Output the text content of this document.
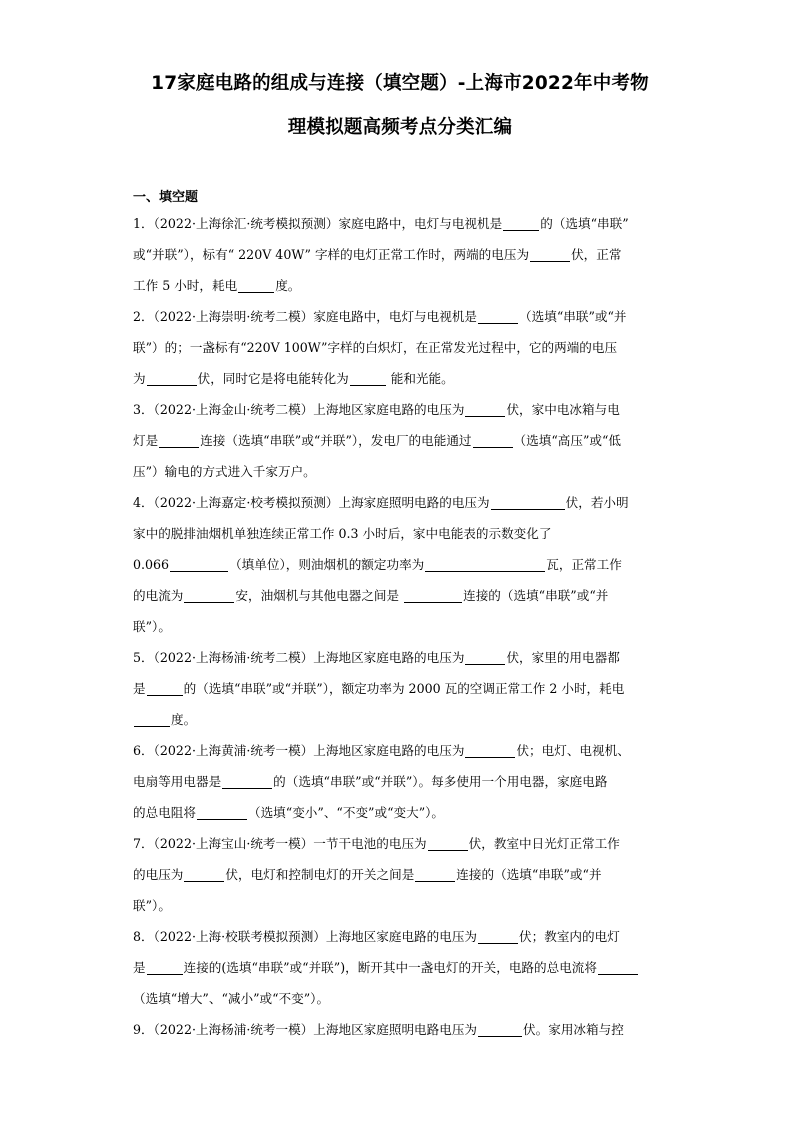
17家庭电路的组成与连接（填空题）-上海市2022年中考物
理模拟题高频考点分类汇编
一、填空题
1．（2022·上海徐汇·统考模拟预测）家庭电路中，电灯与电视机是	的（选填“串联”
或“并联”），标有“ 220V 40W” 字样的电灯正常工作时，两端的电压为	伏，正常
工作 5 小时，耗电	度。
2．（2022·上海崇明·统考二模）家庭电路中，电灯与电视机是	（选填“串联”或“并
联”）的；一盏标有“220V 100W”字样的白炽灯，在正常发光过程中，它的两端的电压
为	伏，同时它是将电能转化为	能和光能。
3．（2022·上海金山·统考二模）上海地区家庭电路的电压为	伏，家中电冰箱与电
灯是	连接（选填“串联”或“并联”），发电厂的电能通过	（选填“高压”或“低
压”）输电的方式进入千家万户。
4．（2022·上海嘉定·校考模拟预测）上海家庭照明电路的电压为	伏，若小明
家中的脱排油烟机单独连续正常工作 0.3 小时后，家中电能表的示数变化了
0.066	（填单位），则油烟机的额定功率为	瓦，正常工作
的电流为	安，油烟机与其他电器之间是	连接的（选填“串联”或“并
联”）。
5．（2022·上海杨浦·统考二模）上海地区家庭电路的电压为	伏，家里的用电器都
是	的（选填“串联”或“并联”），额定功率为 2000 瓦的空调正常工作 2 小时，耗电
度。
6．（2022·上海黄浦·统考一模）上海地区家庭电路的电压为	伏；电灯、电视机、
电扇等用电器是	的（选填“串联”或“并联”）。每多使用一个用电器，家庭电路
的总电阻将	（选填“变小”、“不变”或“变大”）。
7．（2022·上海宝山·统考一模）一节干电池的电压为	伏，教室中日光灯正常工作
的电压为	伏，电灯和控制电灯的开关之间是	连接的（选填“串联”或“并
联”）。
8．（2022·上海·校联考模拟预测）上海地区家庭电路的电压为	伏；教室内的电灯
是	连接的(选填“串联”或“并联”)，断开其中一盏电灯的开关，电路的总电流将
（选填“增大”、“减小”或“不变”）。
9．（2022·上海杨浦·统考一模）上海地区家庭照明电路电压为	伏。家用冰箱与控
